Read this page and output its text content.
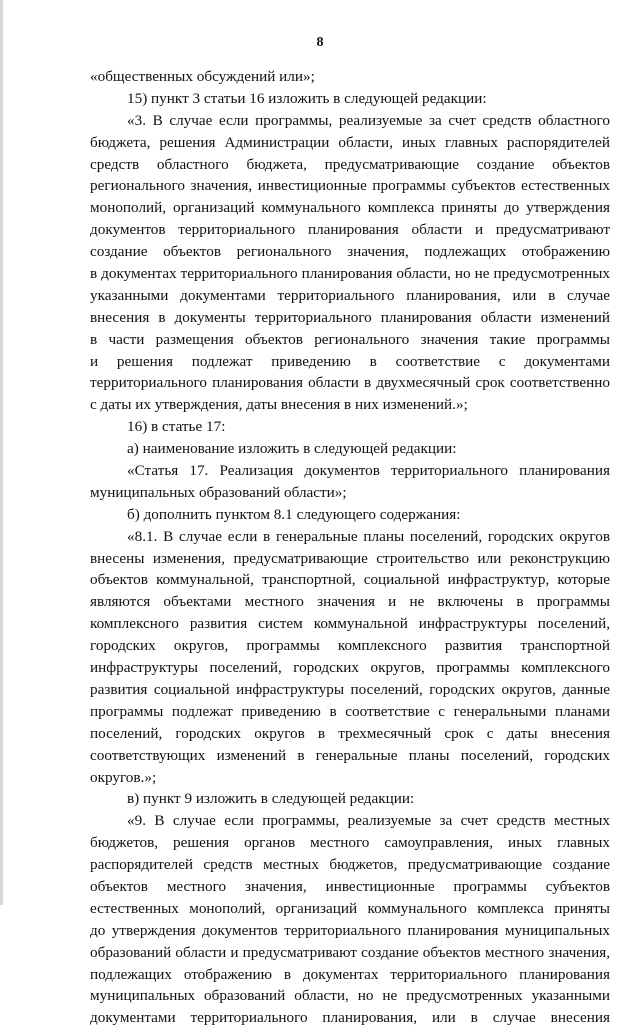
8
«общественных обсуждений или»;
15) пункт 3 статьи 16 изложить в следующей редакции:
«3. В случае если программы, реализуемые за счет средств областного
бюджета, решения Администрации области, иных главных распорядителей
средств областного бюджета, предусматривающие создание объектов
регионального значения, инвестиционные программы субъектов естественных
монополий, организаций коммунального комплекса приняты до утверждения
документов территориального планирования области и предусматривают
создание объектов регионального значения, подлежащих отображению
в документах территориального планирования области, но не предусмотренных
указанными документами территориального планирования, или в случае
внесения в документы территориального планирования области изменений
в части размещения объектов регионального значения такие программы
и решения подлежат приведению в соответствие с документами
территориального планирования области в двухмесячный срок соответственно
с даты их утверждения, даты внесения в них изменений.»;
16) в статье 17:
а) наименование изложить в следующей редакции:
«Статья 17. Реализация документов территориального планирования
муниципальных образований области»;
б) дополнить пунктом 8.1 следующего содержания:
«8.1. В случае если в генеральные планы поселений, городских округов
внесены изменения, предусматривающие строительство или реконструкцию
объектов коммунальной, транспортной, социальной инфраструктур, которые
являются объектами местного значения и не включены в программы
комплексного развития систем коммунальной инфраструктуры поселений,
городских округов, программы комплексного развития транспортной
инфраструктуры поселений, городских округов, программы комплексного
развития социальной инфраструктуры поселений, городских округов, данные
программы подлежат приведению в соответствие с генеральными планами
поселений, городских округов в трехмесячный срок с даты внесения
соответствующих изменений в генеральные планы поселений, городских
округов.»;
в) пункт 9 изложить в следующей редакции:
«9. В случае если программы, реализуемые за счет средств местных
бюджетов, решения органов местного самоуправления, иных главных
распорядителей средств местных бюджетов, предусматривающие создание
объектов местного значения, инвестиционные программы субъектов
естественных монополий, организаций коммунального комплекса приняты
до утверждения документов территориального планирования муниципальных
образований области и предусматривают создание объектов местного значения,
подлежащих отображению в документах территориального планирования
муниципальных образований области, но не предусмотренных указанными
документами территориального планирования, или в случае внесения
